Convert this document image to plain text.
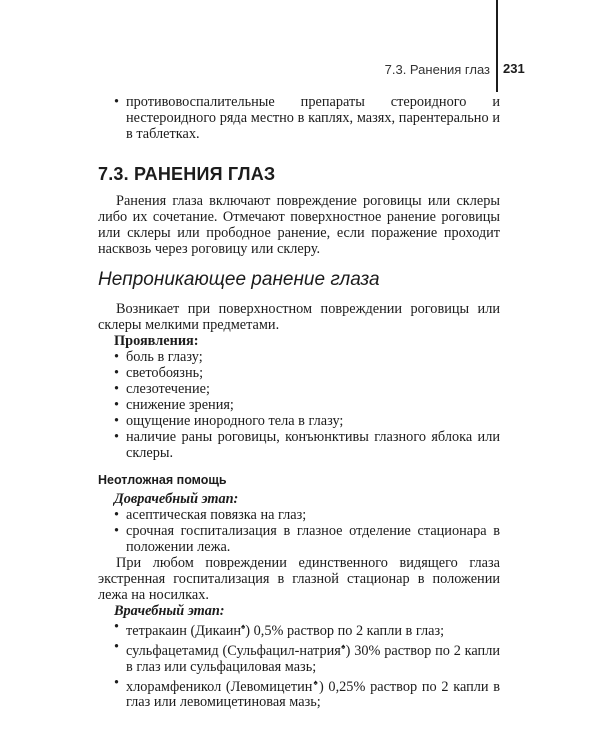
7.3. Ранения глаз 231
• противовоспалительные препараты стероидного и нестероидного ряда местно в каплях, мазях, парентерально и в таблетках.
7.3. РАНЕНИЯ ГЛАЗ

Ранения глаза включают повреждение роговицы или склеры либо их сочетание. Отмечают поверхностное ранение роговицы или склеры или прободное ранение, если поражение проходит насквозь через роговицу или склеру.

Непроникающее ранение глаза

Возникает при поверхностном повреждении роговицы или склеры мелкими предметами.

Проявления:
• боль в глазу;
• светобоязнь;
• слезотечение;
• снижение зрения;
• ощущение инородного тела в глазу;
• наличие раны роговицы, конъюнктивы глазного яблока или склеры.
Неотложная помощь
Доврачебный этап:
• асептическая повязка на глаз;
• срочная госпитализация в глазное отделение стационара в положении лежа.

При любом повреждении единственного видящего глаза экстренная госпитализация в глазной стационар в положении лежа на носилках.

Врачебный этап:
• тетракаин (Дикаин♠) 0,5% раствор по 2 капли в глаз;
• сульфацетамид (Сульфацил-натрия♠) 30% раствор по 2 капли в глаз или сульфациловая мазь;
• хлорамфеникол (Левомицетин♠) 0,25% раствор по 2 капли в глаз или левомицетиновая мазь;
